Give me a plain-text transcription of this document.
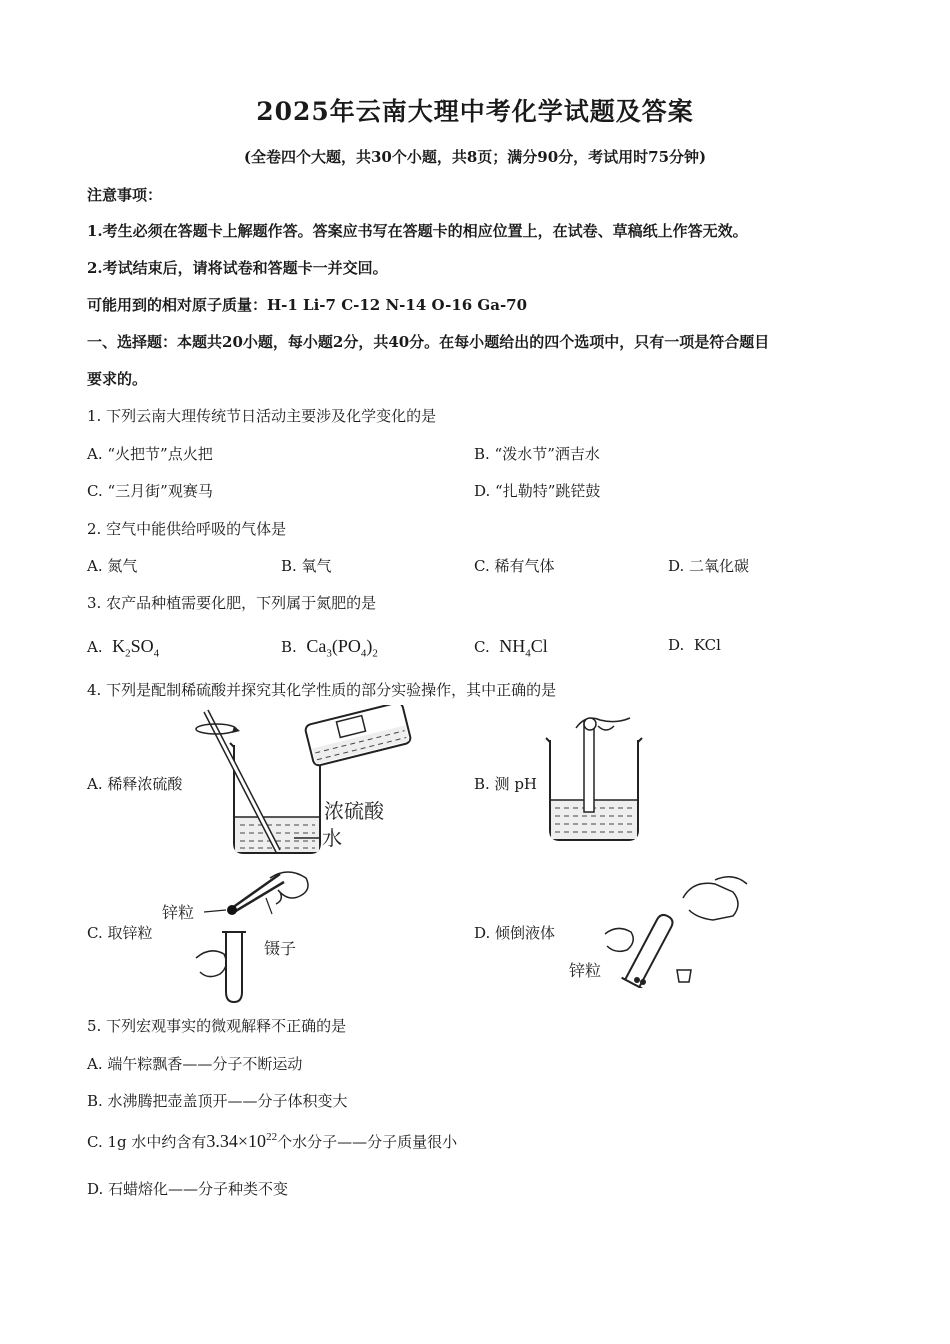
2025年云南大理中考化学试题及答案
(全卷四个大题，共30个小题，共8页；满分90分，考试用时75分钟)
注意事项：
1.考生必须在答题卡上解题作答。答案应书写在答题卡的相应位置上，在试卷、草稿纸上作答无效。
2.考试结束后，请将试卷和答题卡一并交回。
可能用到的相对原子质量：H-1 Li-7 C-12 N-14 O-16 Ga-70
一、选择题：本题共20小题，每小题2分，共40分。在每小题给出的四个选项中，只有一项是符合题目
要求的。
1. 下列云南大理传统节日活动主要涉及化学变化的是
A. “火把节”点火把	B. “泼水节”洒吉水
C. “三月街”观赛马	D. “扎勒特”跳铓鼓
2. 空气中能供给呼吸的气体是
A. 氮气	B. 氧气	C. 稀有气体	D. 二氧化碳
3. 农产品种植需要化肥，下列属于氮肥的是
A. $K_2SO_4$	B. $Ca_3(PO_4)_2$	C. $NH_4Cl$	D. KCl
4. 下列是配制稀硫酸并探究其化学性质的部分实验操作，其中正确的是
A. 稀释浓硫酸	B. 测 pH
C. 取锌粒	D. 倾倒液体
浓硫酸
水
锌粒
镊子
锌粒
5. 下列宏观事实的微观解释不正确的是
A. 端午粽飘香——分子不断运动
B. 水沸腾把壶盖顶开——分子体积变大
C. 1g 水中约含有$3.34\times 10^{22}$个水分子——分子质量很小
D. 石蜡熔化——分子种类不变
